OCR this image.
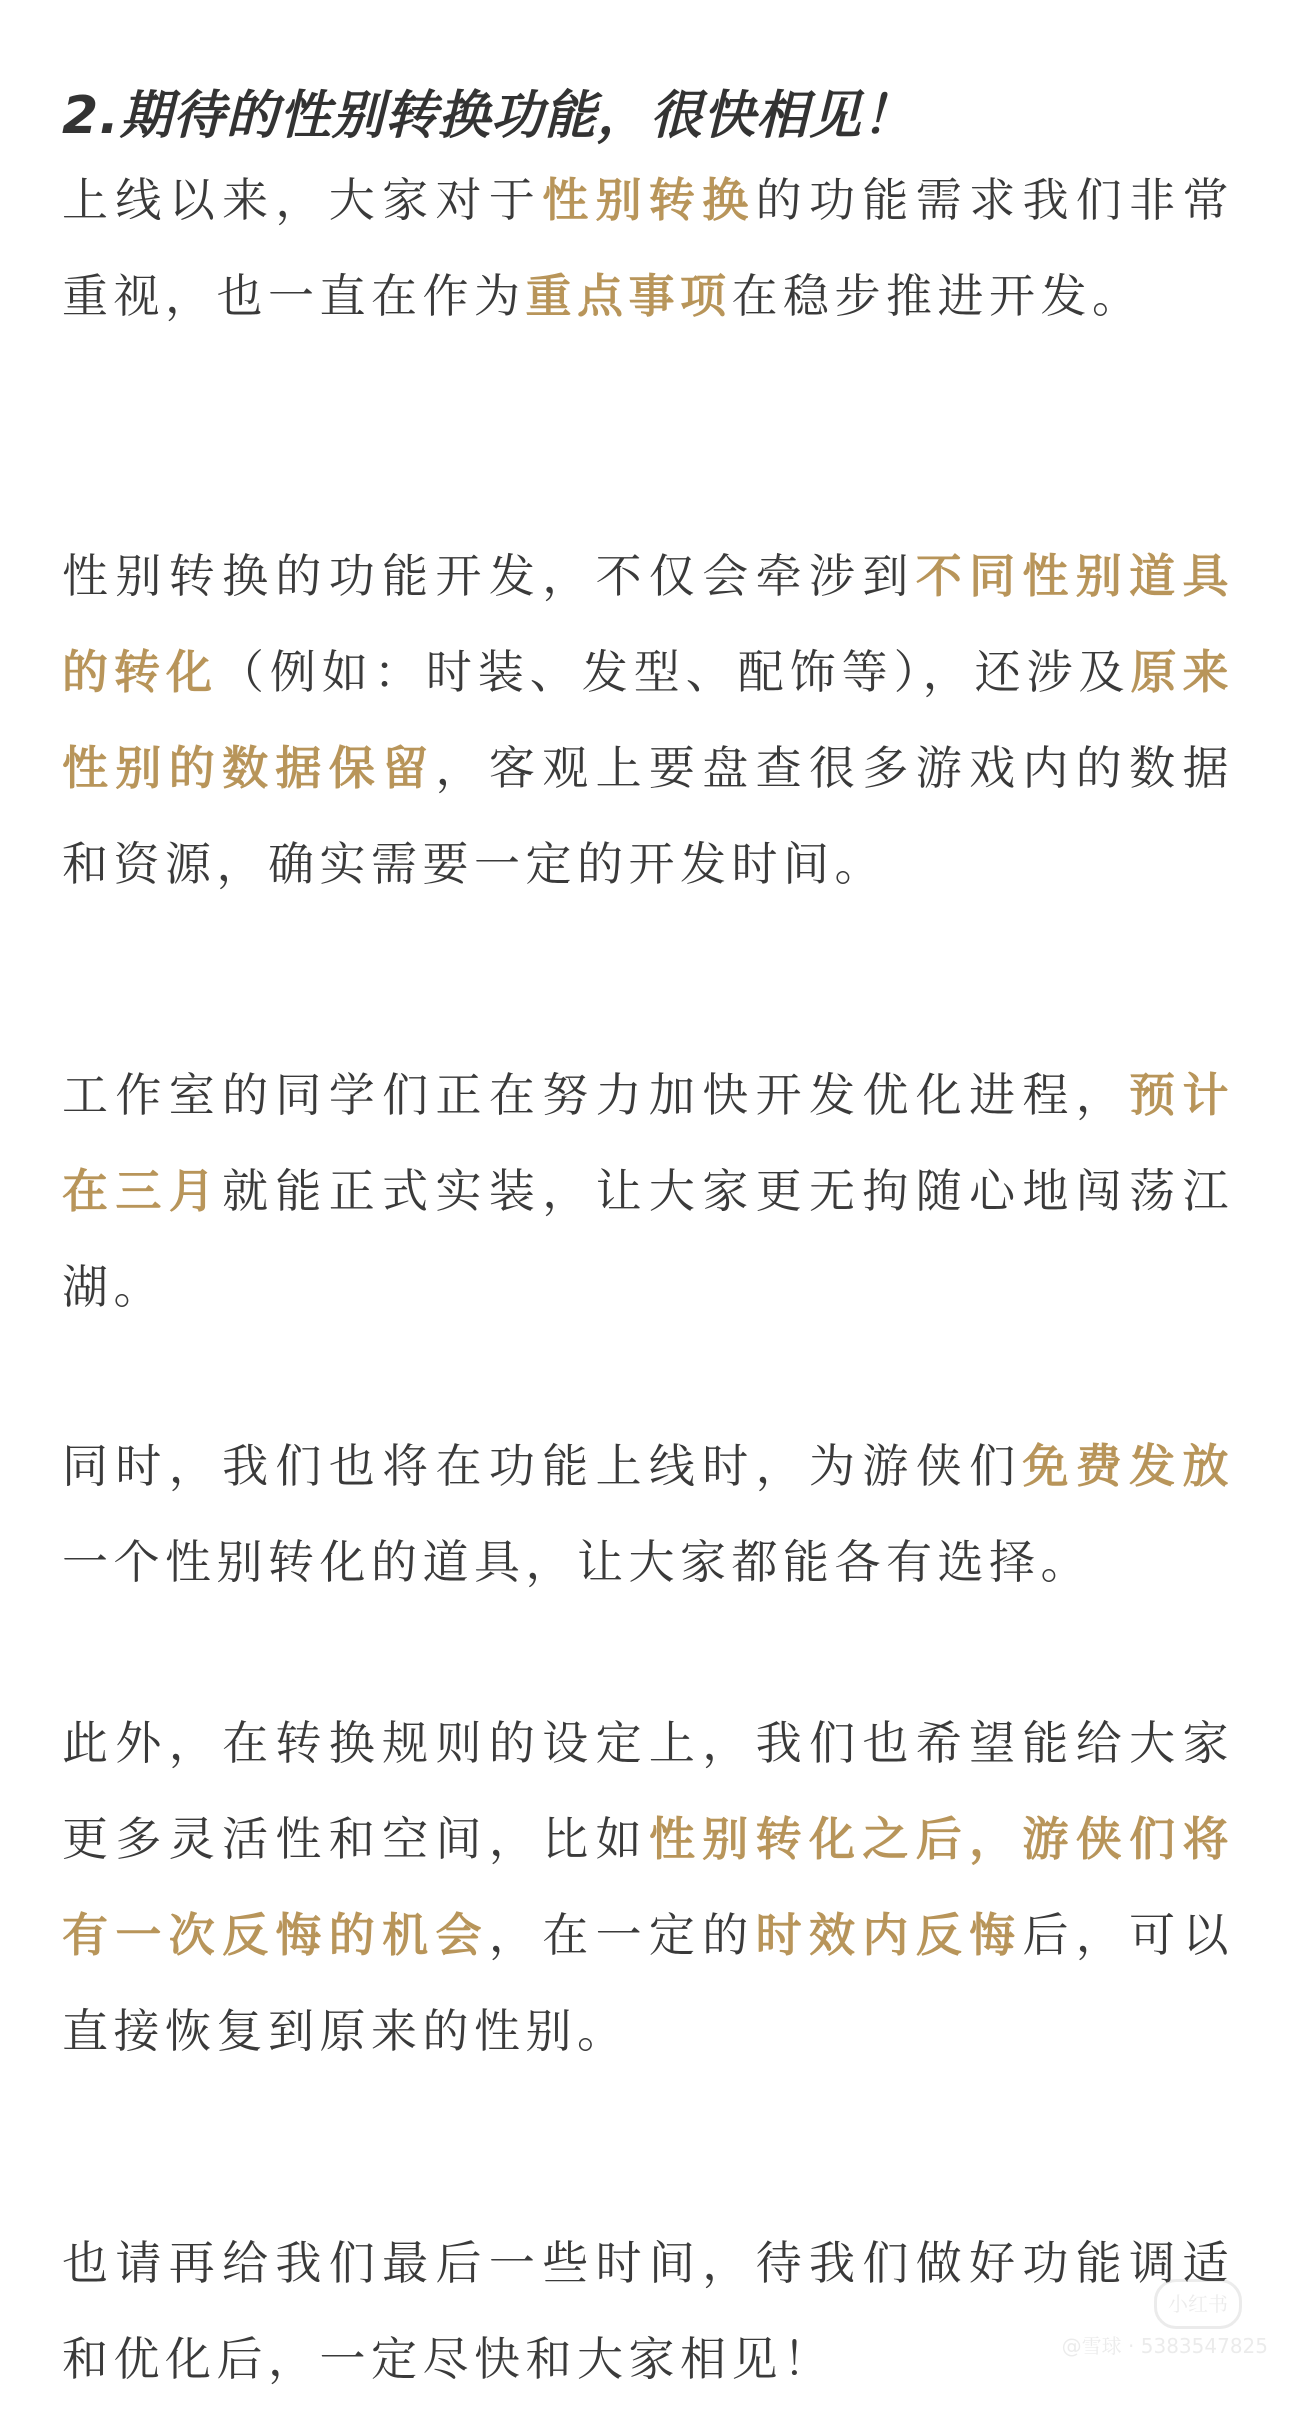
2.期待的性别转换功能，很快相见！

上线以来，大家对于性别转换的功能需求我们非常重视，也一直在作为重点事项在稳步推进开发。

性别转换的功能开发，不仅会牵涉到不同性别道具的转化（例如：时装、发型、配饰等），还涉及原来性别的数据保留，客观上要盘查很多游戏内的数据和资源，确实需要一定的开发时间。

工作室的同学们正在努力加快开发优化进程，预计在三月就能正式实装，让大家更无拘随心地闯荡江湖。

同时，我们也将在功能上线时，为游侠们免费发放一个性别转化的道具，让大家都能各有选择。

此外，在转换规则的设定上，我们也希望能给大家更多灵活性和空间，比如性别转化之后，游侠们将有一次反悔的机会，在一定的时效内反悔后，可以直接恢复到原来的性别。

也请再给我们最后一些时间，待我们做好功能调适和优化后，一定尽快和大家相见！

小红书
@雪球 · 5383547825
